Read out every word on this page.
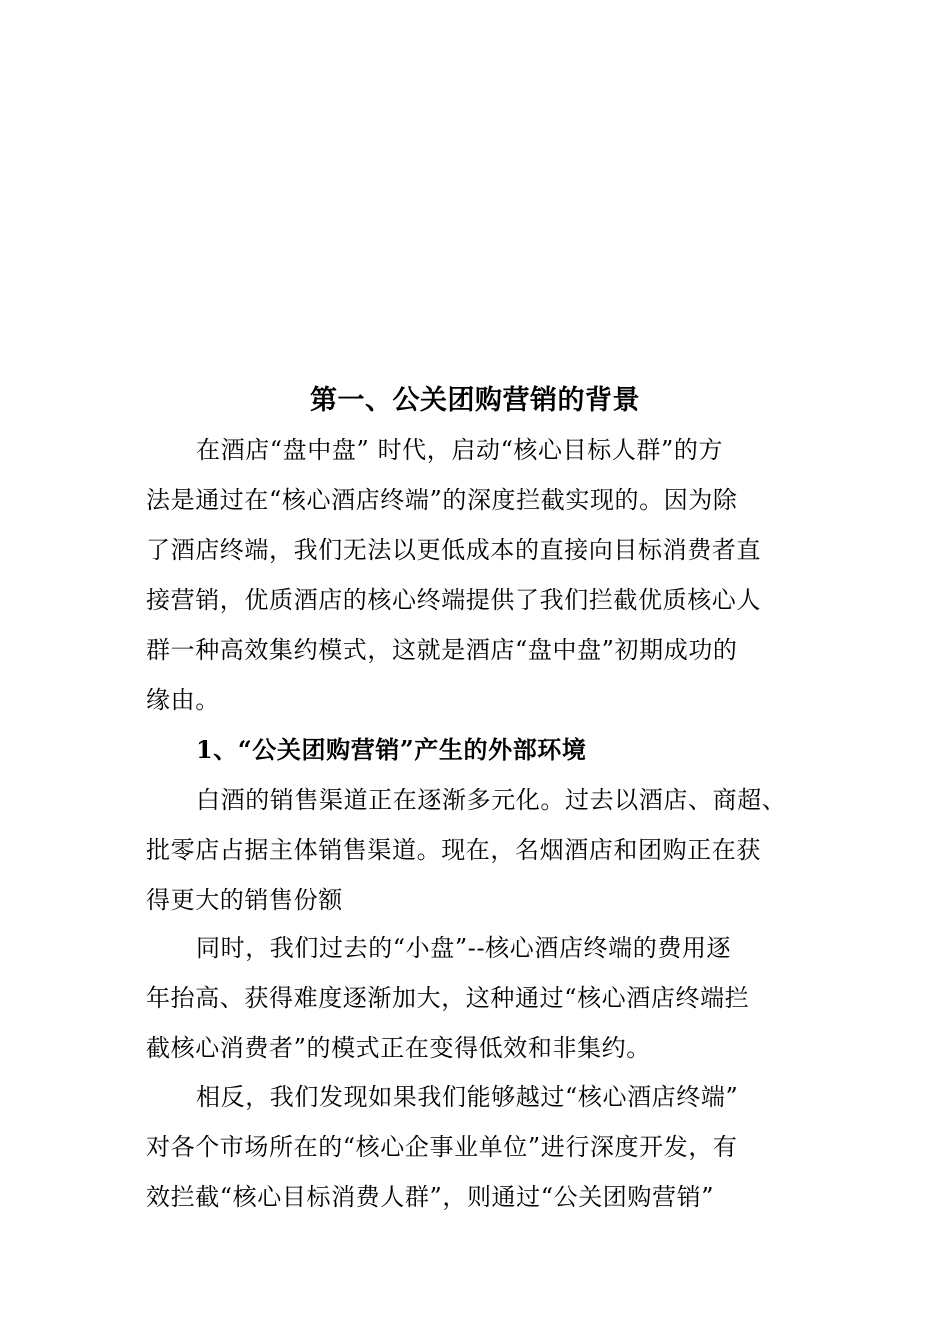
第一、公关团购营销的背景
在酒店“盘中盘” 时代，启动“核心目标人群”的方
法是通过在“核心酒店终端”的深度拦截实现的。因为除
了酒店终端，我们无法以更低成本的直接向目标消费者直
接营销，优质酒店的核心终端提供了我们拦截优质核心人
群一种高效集约模式，这就是酒店“盘中盘”初期成功的
缘由。
1、“公关团购营销”产生的外部环境
白酒的销售渠道正在逐渐多元化。过去以酒店、商超、
批零店占据主体销售渠道。现在，名烟酒店和团购正在获
得更大的销售份额
同时，我们过去的“小盘”--核心酒店终端的费用逐
年抬高、获得难度逐渐加大，这种通过“核心酒店终端拦
截核心消费者”的模式正在变得低效和非集约。
相反，我们发现如果我们能够越过“核心酒店终端”
对各个市场所在的“核心企事业单位”进行深度开发，有
效拦截“核心目标消费人群”，则通过“公关团购营销”
